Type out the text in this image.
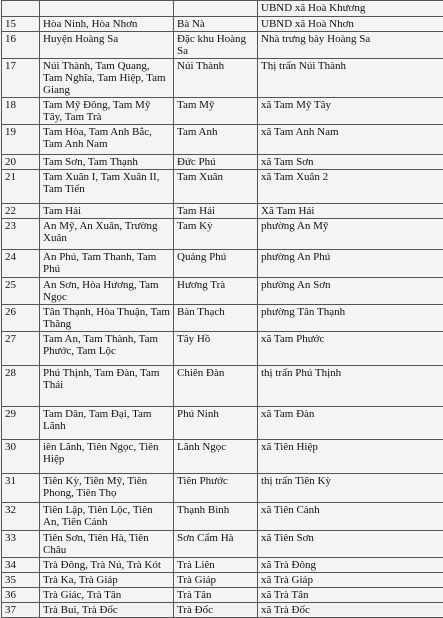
			UBND xã Hoà Khương

15	Hòa Ninh, Hòa Nhơn	Bà Nà	UBND xã Hoà Nhơn

16	Huyện Hoàng Sa	Đặc khu Hoàng Sa	Nhà trưng bày Hoàng Sa

17	Núi Thành, Tam Quang, Tam Nghĩa, Tam Hiệp, Tam Giang	Núi Thành	Thị trấn Núi Thành

18	Tam Mỹ Đông, Tam Mỹ Tây, Tam Trà	Tam Mỹ	xã Tam Mỹ Tây

19	Tam Hòa, Tam Anh Bắc, Tam Anh Nam	Tam Anh	xã Tam Anh Nam

20	Tam Sơn, Tam Thạnh	Đức Phú	xã Tam Sơn

21	Tam Xuân I, Tam Xuân II, Tam Tiến	Tam Xuân	xã Tam Xuân 2

22	Tam Hải	Tam Hải	Xã Tam Hải

23	An Mỹ, An Xuân, Trường Xuân	Tam Kỳ	phường An Mỹ

24	An Phú, Tam Thanh, Tam Phú	Quảng Phú	phường An Phú

25	An Sơn, Hòa Hương, Tam Ngọc	Hương Trà	phường An Sơn

26	Tân Thạnh, Hòa Thuận, Tam Thăng	Bàn Thạch	phường Tân Thạnh

27	Tam An, Tam Thành, Tam Phước, Tam Lộc	Tây Hồ	xã Tam Phước

28	Phú Thịnh, Tam Đàn, Tam Thái	Chiên Đàn	thị trấn Phú Thịnh

29	Tam Dân, Tam Đại, Tam Lãnh	Phú Ninh	xã Tam Đàn

30	iên Lãnh, Tiên Ngọc, Tiên Hiệp	Lãnh Ngọc	xã Tiên Hiệp

31	Tiên Kỳ, Tiên Mỹ, Tiên Phong, Tiên Thọ	Tiên Phước	thị trấn Tiên Kỳ

32	Tiên Lập, Tiên Lộc, Tiên An, Tiên Cảnh	Thạnh Bình	xã Tiên Cảnh

33	Tiên Sơn, Tiên Hà, Tiên Châu	Sơn Cẩm Hà	xã Tiên Sơn

34	Trà Đông, Trà Nú, Trà Kót	Trà Liên	xã Trà Đông

35	Trà Ka, Trà Giáp	Trà Giáp	xã Trà Giáp

36	Trà Giác, Trà Tân	Trà Tân	xã Trà Tân

37	Trà Bui, Trà Đốc	Trà Đốc	xã Trà Đốc
